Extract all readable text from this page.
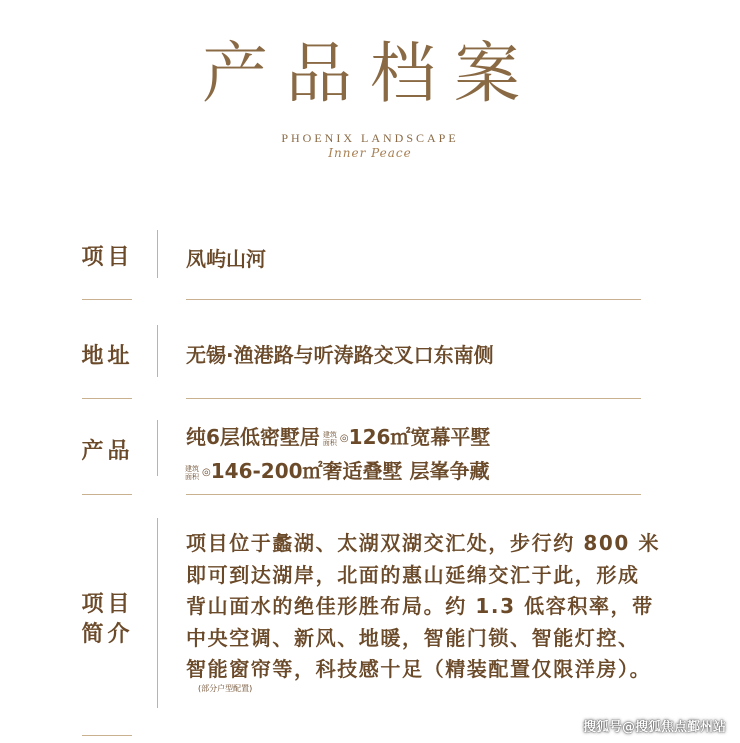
产品档案
PHOENIX LANDSCAPE
Inner Peace
项目	凤屿山河
地址	无锡·渔港路与听涛路交叉口东南侧
产品
纯6层低密墅居 建筑面积 ◎126㎡宽幕平墅
建筑面积 ◎146-200㎡奢适叠墅 层峯争藏
项目
简介
项目位于蠡湖、太湖双湖交汇处，步行约 800 米
即可到达湖岸，北面的惠山延绵交汇于此，形成
背山面水的绝佳形胜布局。约 1.3 低容积率，带
中央空调、新风、地暖，智能门锁、智能灯控、
智能窗帘等，科技感十足（精装配置仅限洋房）。
(部分户型配置)
搜狐号@搜狐焦点鄞州站
